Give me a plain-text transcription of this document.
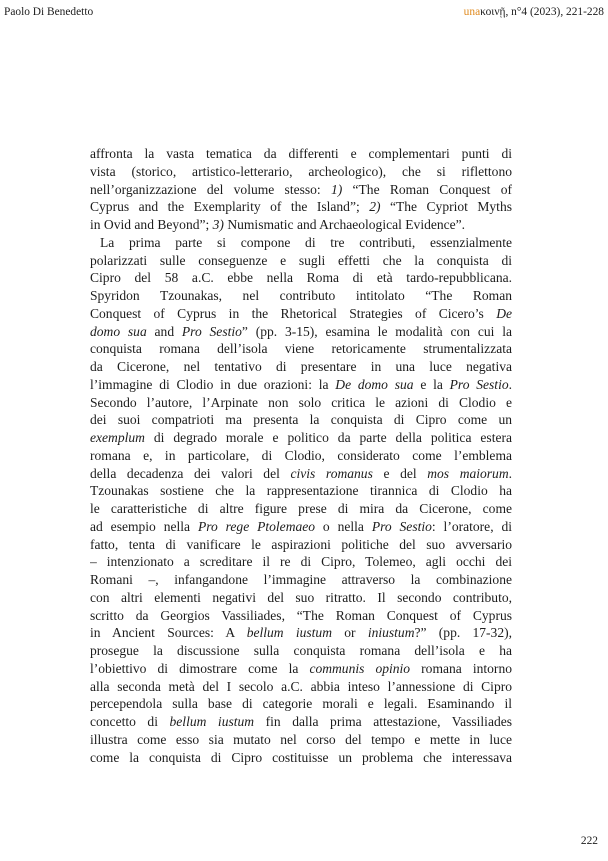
Paolo Di Benedetto	unaκοινῇ, n°4 (2023), 221-228
affronta la vasta tematica da differenti e complementari punti di
vista (storico, artistico-letterario, archeologico), che si riflettono
nell’organizzazione del volume stesso: 1) “The Roman Conquest of
Cyprus and the Exemplarity of the Island”; 2) “The Cypriot Myths
in Ovid and Beyond”; 3) Numismatic and Archaeological Evidence”.
La prima parte si compone di tre contributi, essenzialmente
polarizzati sulle conseguenze e sugli effetti che la conquista di
Cipro del 58 a.C. ebbe nella Roma di età tardo-repubblicana.
Spyridon Tzounakas, nel contributo intitolato “The Roman
Conquest of Cyprus in the Rhetorical Strategies of Cicero’s De
domo sua and Pro Sestio” (pp. 3-15), esamina le modalità con cui la
conquista romana dell’isola viene retoricamente strumentalizzata
da Cicerone, nel tentativo di presentare in una luce negativa
l’immagine di Clodio in due orazioni: la De domo sua e la Pro Sestio.
Secondo l’autore, l’Arpinate non solo critica le azioni di Clodio e
dei suoi compatrioti ma presenta la conquista di Cipro come un
exemplum di degrado morale e politico da parte della politica estera
romana e, in particolare, di Clodio, considerato come l’emblema
della decadenza dei valori del civis romanus e del mos maiorum.
Tzounakas sostiene che la rappresentazione tirannica di Clodio ha
le caratteristiche di altre figure prese di mira da Cicerone, come
ad esempio nella Pro rege Ptolemaeo o nella Pro Sestio: l’oratore, di
fatto, tenta di vanificare le aspirazioni politiche del suo avversario
– intenzionato a screditare il re di Cipro, Tolemeo, agli occhi dei
Romani –, infangandone l’immagine attraverso la combinazione
con altri elementi negativi del suo ritratto. Il secondo contributo,
scritto da Georgios Vassiliades, “The Roman Conquest of Cyprus
in Ancient Sources: A bellum iustum or iniustum?” (pp. 17-32),
prosegue la discussione sulla conquista romana dell’isola e ha
l’obiettivo di dimostrare come la communis opinio romana intorno
alla seconda metà del I secolo a.C. abbia inteso l’annessione di Cipro
percependola sulla base di categorie morali e legali. Esaminando il
concetto di bellum iustum fin dalla prima attestazione, Vassiliades
illustra come esso sia mutato nel corso del tempo e mette in luce
come la conquista di Cipro costituisse un problema che interessava
222
